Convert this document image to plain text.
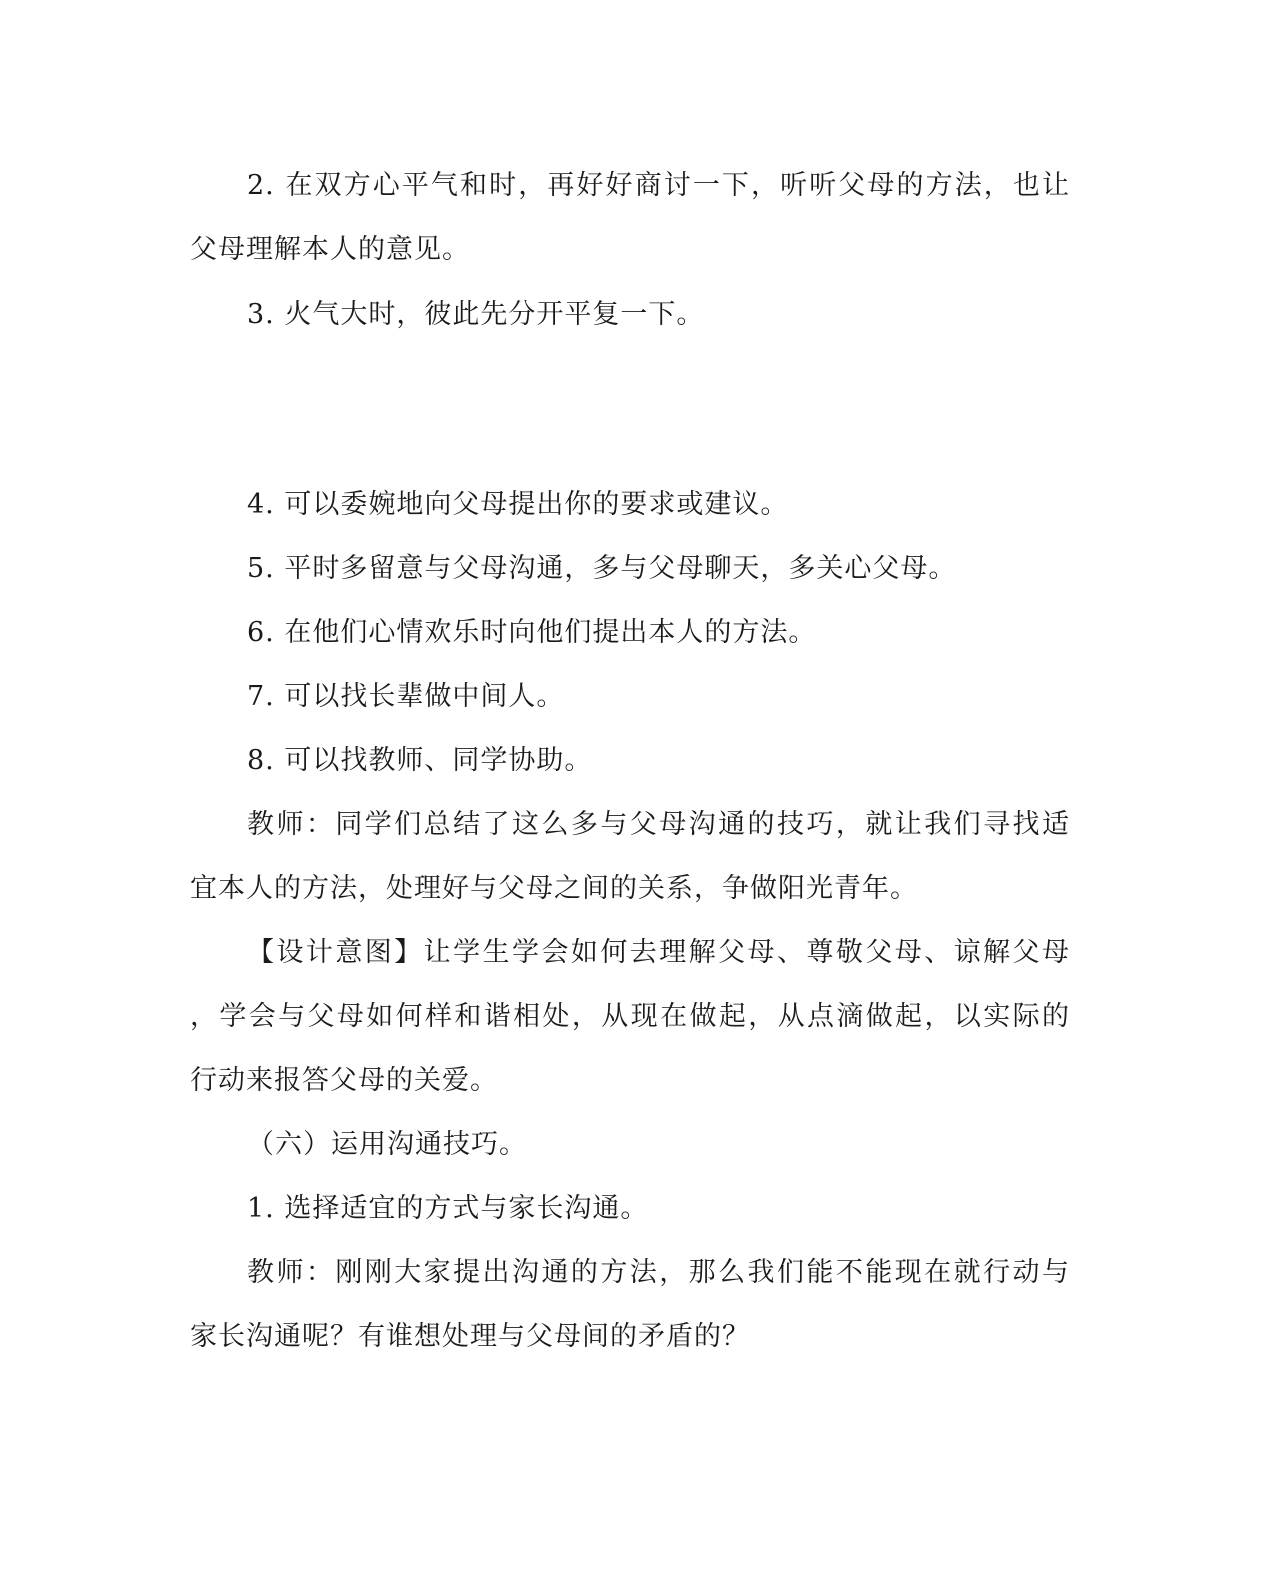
2. 在双方心平气和时，再好好商讨一下，听听父母的方法，也让
父母理解本人的意见。
3. 火气大时，彼此先分开平复一下。
4. 可以委婉地向父母提出你的要求或建议。
5. 平时多留意与父母沟通，多与父母聊天，多关心父母。
6. 在他们心情欢乐时向他们提出本人的方法。
7. 可以找长辈做中间人。
8. 可以找教师、同学协助。
教师：同学们总结了这么多与父母沟通的技巧，就让我们寻找适
宜本人的方法，处理好与父母之间的关系，争做阳光青年。
【设计意图】让学生学会如何去理解父母、尊敬父母、谅解父母
，学会与父母如何样和谐相处，从现在做起，从点滴做起，以实际的
行动来报答父母的关爱。
（六）运用沟通技巧。
1. 选择适宜的方式与家长沟通。
教师：刚刚大家提出沟通的方法，那么我们能不能现在就行动与
家长沟通呢？有谁想处理与父母间的矛盾的？
